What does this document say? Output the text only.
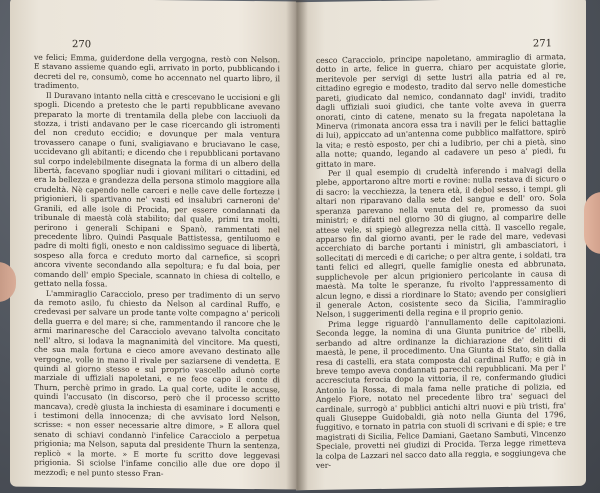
270

ve felici; Emma, guiderdone della vergogna, restò con Nelson. E stavano assieme quando egli, arrivato in porto, pubblicando i decreti del re, consumò, come ho accennato nel quarto libro, il tradimento.

Il Duravano intanto nella città e crescevano le uccisioni e gli spogli. Dicendo a pretesto che le parti repubblicane avevano preparato la morte di trentamila della plebe con lacciuoli da stozza, i tristi andavano per le case ricercando gli istromenti del non creduto eccidio; e dovunque per mala ventura trovassero canape o funi, svaligiavano e bruciavano le case, uccidevano gli abitanti; e dicendo che i repubblicani portavano sul corpo indelebilmente disegnata la forma di un albero della libertà, facevano spogliar nudi i giovani militari o cittadini, ed era la bellezza e grandezza della persona stimolo maggiore alla crudeltà. Nè capendo nelle carceri e nelle cave delle fortezze i prigionieri, li spartivano ne' vasti ed insalubri carneroni de' Granili, ed alle isole di Procida, per essere condannati da tribunale di maestà colà stabilito; dal quale, primi tra molti, perirono i generali Schipani e Spanò, rammentati nel precedente libro. Quindi Pasquale Battistessa, gentiluomo e padre di molti figli, onesto e non caldissimo seguace di libertà, sospeso alla forca e creduto morto dal carnefice, si scoprì ancora vivente secondando alla sepoltura; e fu dal boia, per comando dell' empio Speciale, scannato in chiesa di coltello, e gettato nella fossa.

L'ammiraglio Caracciolo, preso per tradimento di un servo da remoto asilo, fu chiesto da Nelson al cardinal Ruffo, e credevasi per salvare un prode tante volte compagno a' pericoli della guerra e del mare; si che, rammentando il rancore che le armi marinaresche del Caracciolo avevano talvolta concitato nell' altro, si lodava la magnanimità del vincitore. Ma questi, che sua mala fortuna e cieco amore avevano destinato alle vergogne, volle in mano il rivale per saziarsene di vendetta. E quindi al giorno stesso e sul proprio vascello adunò corte marziale di uffiziali napoletani, e ne fece capo il conte di Thurn, perchè primo in grado. La qual corte, udite le accuse, quindi l'accusato (in discorso, però che il processo scritto mancava), credè giusta la inchiesta di esaminare i documenti e i testimoni della innocenza; di che avvisato lord Nelson, scrisse: « non esser necessarie altre dimore, » E allora quel senato di schiavi condannò l'infelice Caracciolo a perpetua prigionia; ma Nelson, saputa dal presidente Thurn la sentenza, replicò « la morte. » E morte fu scritto dove leggevasi prigionia. Si sciolse l'infame concilio alle due ore dopo il mezzodì; e nel punto stesso Fran-

271

cesco Caracciolo, principe napoletano, ammiraglio di armata, dotto in arte, felice in guerra, chiaro per acquistate glorie, meritevole per servigi di sette lustri alla patria ed al re, cittadino egregio e modesto, tradito dal servo nelle domestiche pareti, giudicato dal nemico, condannato dagl' invidi, tradito dagli uffiziali suoi giudici, che tante volte aveva in guerra onorati, cinto di catene, menato su la fregata napoletana la Minerva (rimonata ancora essa tra i navili per le felici battaglie di lui), appiccato ad un'antenna come pubblico malfattore, spirò la vita; e restò esposto, per chi a ludibrio, per chi a pietà, sino alla notte; quando, legando al cadavere un peso a' piedi, fu gittato in mare.

Per il qual esempio di crudeltà inferendo i malvagi della plebe, apportarono altre morti e rovine: nulla restava di sicuro o di sacro: la vecchiezza, la tenera età, il debol sesso, i tempi, gli altari non riparavano dalla sete del sangue e dell' oro. Sola speranza parevano nella venuta del re, promesso da suoi ministri; e difatti nel giorno 30 di giugno, al comparire delle attese vele, si spiegò allegrezza nella città. Il vascello regale, apparso fin dal giorno avanti, per le rade del mare, vedevasi accerchiato di barche portanti i ministri, gli ambasciatori, i sollecitati di mercedi e di cariche; o per altra gente, i soldati, tra tanti felici ed allegri, quelle famiglie onesta ed abbrunata, supplichevole per alcun prigioniero pericolante in causa di maestà. Ma tolte le speranze, fu rivolto l'appressamento di alcun legno, e dissi a riordinare lo Stato; avendo per consiglieri il generale Acton, cosistente seco da Sicilia, l'ammiraglio Nelson, i suggerimenti della regina e il proprio genio.

Prima legge riguardò l'annullamento delle capitolazioni. Seconda legge, la nomina di una Giunta punitrice de' ribelli, serbando ad altre ordinanze la dichiarazione de' delitti di maestà, le pene, il procedimento. Una Giunta di Stato, sin dalla resa di castelli, era stata composta dal cardinal Ruffo; e già in breve tempo aveva condannati parecchi repubblicani. Ma per l' accresciuta ferocia dopo la vittoria, il re, confermando giudici Antonio la Rossa, di mala fama nelle pratiche di polizia, ed Angelo Fiore, notato nel precedente libro tra' seguaci del cardinale, surrogò a' pubblici antichi altri nuovi e più tristi, fra' quali Giuseppe Guidobaldi, già noto nella Giunta del 1796, fuggitivo, e tornato in patria con stuoli di scrivani e di spie; e tre magistrati di Sicilia, Felice Damiani, Gaetano Sambuti, Vincenzo Speciale, provetti nei giudizi di Procida. Terza legge rimetteva la colpa de Lazzari nel sacco dato alla reggia, e soggiungeva che ver-
